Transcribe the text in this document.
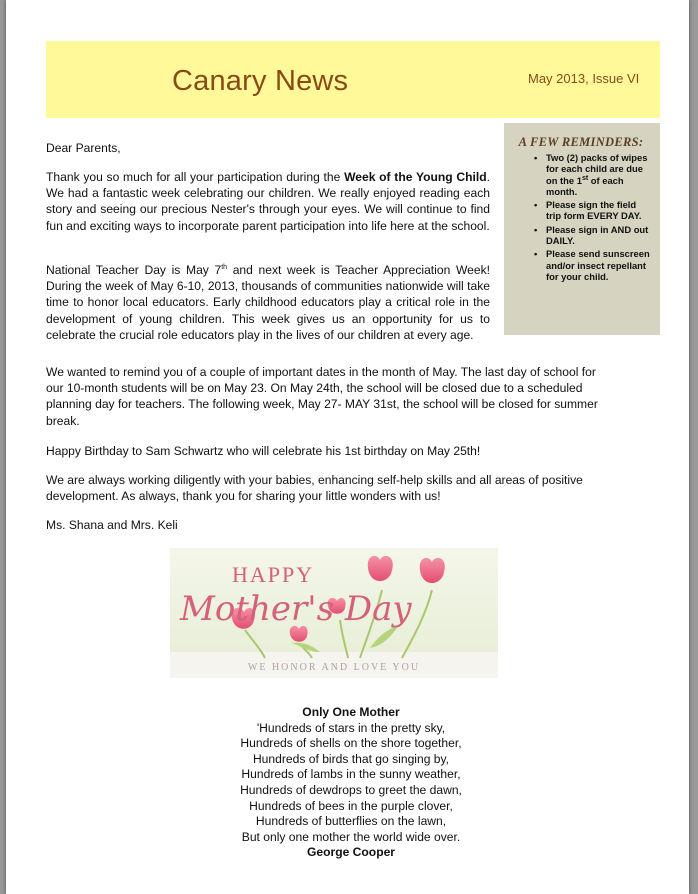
Canary News	May 2013, Issue VI
A FEW REMINDERS:
• Two (2) packs of wipes for each child are due on the 1st of each month.
• Please sign the field trip form EVERY DAY.
• Please sign in AND out DAILY.
• Please send sunscreen and/or insect repellant for your child.

Dear Parents,

Thank you so much for all your participation during the Week of the Young Child. We had a fantastic week celebrating our children. We really enjoyed reading each story and seeing our precious Nester's through your eyes. We will continue to find fun and exciting ways to incorporate parent participation into life here at the school.

National Teacher Day is May 7th and next week is Teacher Appreciation Week! During the week of May 6-10, 2013, thousands of communities nationwide will take time to honor local educators. Early childhood educators play a critical role in the development of young children. This week gives us an opportunity for us to celebrate the crucial role educators play in the lives of our children at every age.

We wanted to remind you of a couple of important dates in the month of May. The last day of school for our 10-month students will be on May 23. On May 24th, the school will be closed due to a scheduled planning day for teachers. The following week, May 27- MAY 31st, the school will be closed for summer break.

Happy Birthday to Sam Schwartz who will celebrate his 1st birthday on May 25th!

We are always working diligently with your babies, enhancing self-help skills and all areas of positive development. As always, thank you for sharing your little wonders with us!

Ms. Shana and Mrs. Keli

HAPPY
Mother's Day
WE HONOR AND LOVE YOU
Only One Mother
'Hundreds of stars in the pretty sky,
Hundreds of shells on the shore together,
Hundreds of birds that go singing by,
Hundreds of lambs in the sunny weather,
Hundreds of dewdrops to greet the dawn,
Hundreds of bees in the purple clover,
Hundreds of butterflies on the lawn,
But only one mother the world wide over.
George Cooper
